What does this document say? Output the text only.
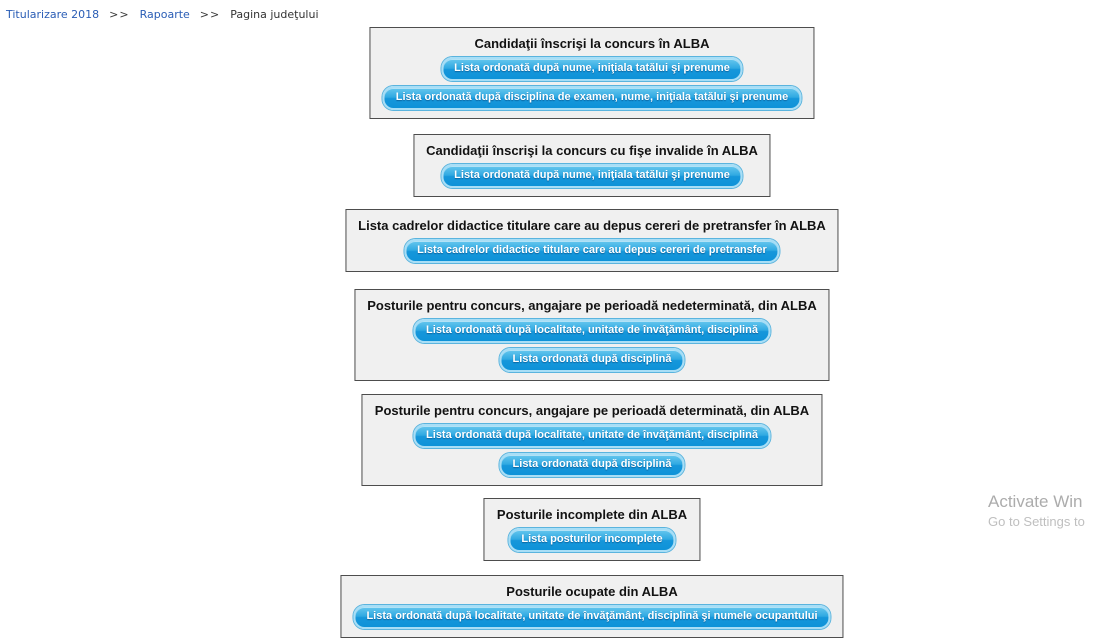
Titularizare 2018 >> Rapoarte >> Pagina judeţului
Candidaţii înscrişi la concurs în ALBA
Lista ordonată după nume, iniţiala tatălui şi prenume
Lista ordonată după disciplina de examen, nume, iniţiala tatălui şi prenume
Candidaţii înscrişi la concurs cu fişe invalide în ALBA
Lista ordonată după nume, iniţiala tatălui şi prenume
Lista cadrelor didactice titulare care au depus cereri de pretransfer în ALBA
Lista cadrelor didactice titulare care au depus cereri de pretransfer
Posturile pentru concurs, angajare pe perioadă nedeterminată, din ALBA
Lista ordonată după localitate, unitate de învăţământ, disciplină
Lista ordonată după disciplină
Posturile pentru concurs, angajare pe perioadă determinată, din ALBA
Lista ordonată după localitate, unitate de învăţământ, disciplină
Lista ordonată după disciplină
Posturile incomplete din ALBA
Lista posturilor incomplete
Posturile ocupate din ALBA
Lista ordonată după localitate, unitate de învăţământ, disciplină şi numele ocupantului
Activate Win
Go to Settings to
